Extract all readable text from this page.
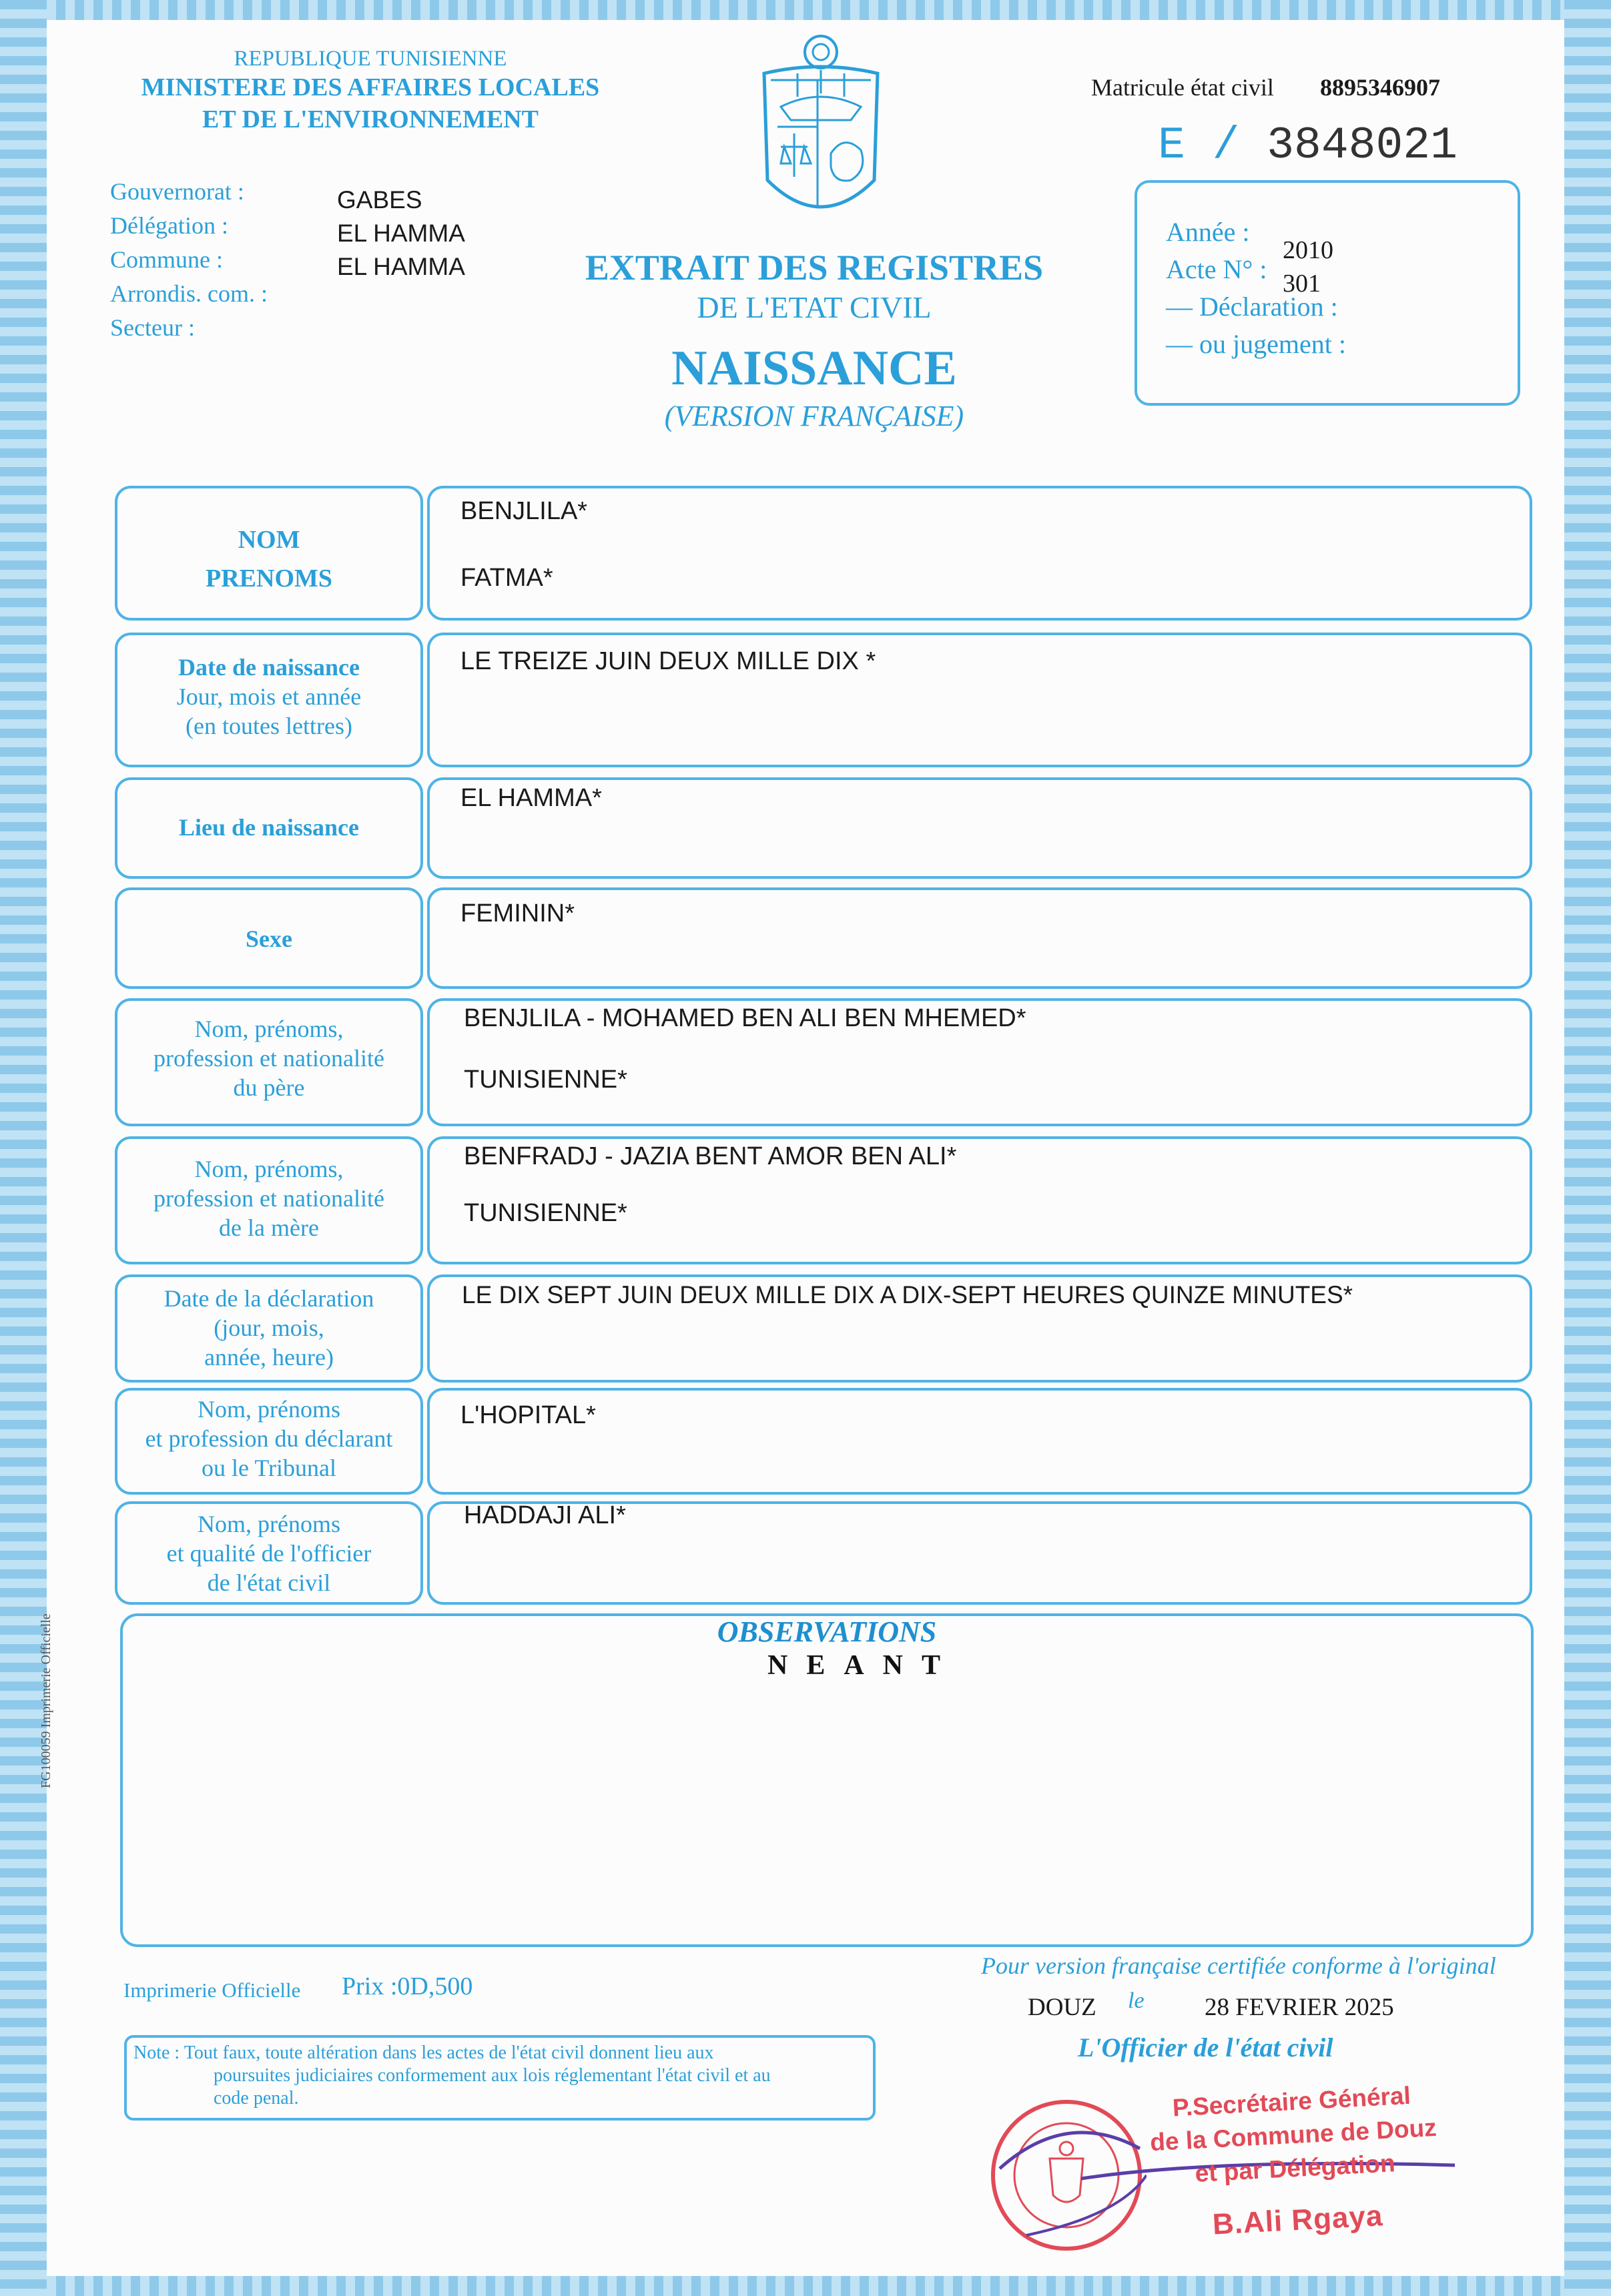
REPUBLIQUE TUNISIENNE
MINISTERE DES AFFAIRES LOCALES
ET DE L'ENVIRONNEMENT
Gouvernorat :
Délégation :
Commune :
Arrondis. com. :
Secteur :
GABES
EL HAMMA
EL HAMMA	EXTRAIT DES REGISTRES
DE L'ETAT CIVIL
NAISSANCE
(VERSION FRANÇAISE)
Matricule état civil 8895346907
E / 3848021
Année :
Acte N° :
— Déclaration :
— ou jugement :
2010
301
NOM
PRENOMS
BENJLILA*
FATMA*
Date de naissance
Jour, mois et année
(en toutes lettres)
LE TREIZE JUIN DEUX MILLE DIX *
Lieu de naissance
EL HAMMA*
Sexe
FEMININ*
Nom, prénoms,
profession et nationalité
du père
BENJLILA - MOHAMED BEN ALI BEN MHEMED*
TUNISIENNE*
Nom, prénoms,
profession et nationalité
de la mère
BENFRADJ - JAZIA BENT AMOR BEN ALI*
TUNISIENNE*
Date de la déclaration
(jour, mois,
année, heure)
LE DIX SEPT JUIN DEUX MILLE DIX A DIX-SEPT HEURES QUINZE MINUTES*
Nom, prénoms
et profession du déclarant
ou le Tribunal
L'HOPITAL*
Nom, prénoms
et qualité de l'officier
de l'état civil
HADDAJI ALI*
OBSERVATIONS
NEANT
Imprimerie Officielle Prix :0D,500
Note : Tout faux, toute altération dans les actes de l'état civil donnent lieu aux
poursuites judiciaires conformement aux lois réglementant l'état civil et au
code penal.
FG100059 Imprimerie Officielle
Pour version française certifiée conforme à l'original
DOUZ le 28 FEVRIER 2025
L'Officier de l'état civil
P.Secrétaire Général
de la Commune de Douz
et par Délégation
B.Ali Rgaya
